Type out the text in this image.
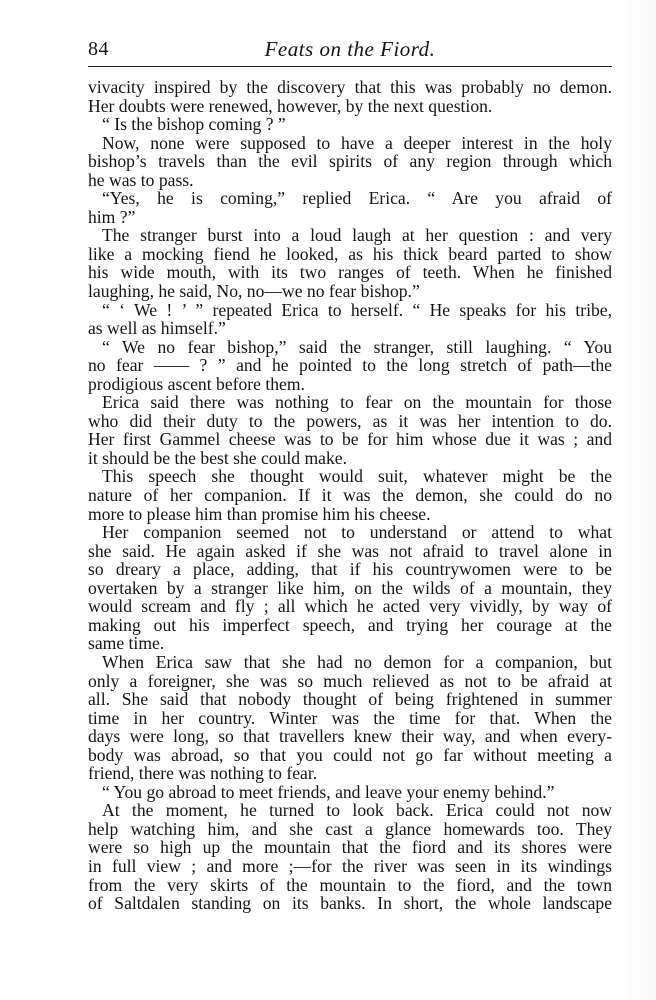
84	Feats on the Fiord.
vivacity inspired by the discovery that this was probably no demon.
Her doubts were renewed, however, by the next question.
“ Is the bishop coming ? ”
Now, none were supposed to have a deeper interest in the holy
bishop’s travels than the evil spirits of any region through which
he was to pass.
“Yes, he is coming,” replied Erica. “ Are you afraid of
him ?”
The stranger burst into a loud laugh at her question : and very
like a mocking fiend he looked, as his thick beard parted to show
his wide mouth, with its two ranges of teeth. When he finished
laughing, he said, No, no—we no fear bishop.”
“ ‘ We ! ’ ” repeated Erica to herself. “ He speaks for his tribe,
as well as himself.”
“ We no fear bishop,” said the stranger, still laughing. “ You
no fear —— ? ” and he pointed to the long stretch of path—the
prodigious ascent before them.
Erica said there was nothing to fear on the mountain for those
who did their duty to the powers, as it was her intention to do.
Her first Gammel cheese was to be for him whose due it was ; and
it should be the best she could make.
This speech she thought would suit, whatever might be the
nature of her companion. If it was the demon, she could do no
more to please him than promise him his cheese.
Her companion seemed not to understand or attend to what
she said. He again asked if she was not afraid to travel alone in
so dreary a place, adding, that if his countrywomen were to be
overtaken by a stranger like him, on the wilds of a mountain, they
would scream and fly ; all which he acted very vividly, by way of
making out his imperfect speech, and trying her courage at the
same time.
When Erica saw that she had no demon for a companion, but
only a foreigner, she was so much relieved as not to be afraid at
all. She said that nobody thought of being frightened in summer
time in her country. Winter was the time for that. When the
days were long, so that travellers knew their way, and when every-
body was abroad, so that you could not go far without meeting a
friend, there was nothing to fear.
“ You go abroad to meet friends, and leave your enemy behind.”
At the moment, he turned to look back. Erica could not now
help watching him, and she cast a glance homewards too. They
were so high up the mountain that the fiord and its shores were
in full view ; and more ;—for the river was seen in its windings
from the very skirts of the mountain to the fiord, and the town
of Saltdalen standing on its banks. In short, the whole landscape
